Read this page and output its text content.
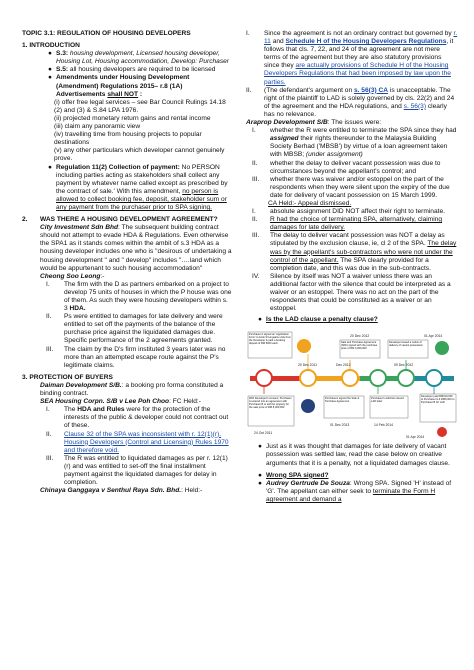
TOPIC 3.1: REGULATION OF HOUSING DEVELOPERS

1. INTRODUCTION

● S.3: housing development, Licensed housing developer, Housing Lot, Housing accommodation, Develop: Purchaser
● S.5: all housing developers are required to be licensed
● Amendments under Housing Development (Amendment) Regulations 2015– r.8 (1A) Advertisements shall NOT :

(i) offer free legal services – see Bar Council Rulings 14.18 (2) and (3) & S.84 LPA 1976.

(ii) projected monetary return gains and rental income

(iii) claim any panoramic view

(iv) travelling time from housing projects to popular destinations

(v) any other particulars which developer cannot genuinely prove.

● Regulation 11(2) Collection of payment: No PERSON including parties acting as stakeholders shall collect any payment by whatever name called except as prescribed by the contract of sale.' With this amendment, no person is allowed to collect booking fee, deposit, stakeholder sum or any payment from the purchaser prior to SPA signing.
2.	WAS THERE A HOUSING DEVELOPMENT AGREEMENT?

City Investment Sdn Bhd: The subsequent building contract should not attempt to evade HDA & Regulations. Even otherwise the SPA1 as it stands comes within the ambit of s.3 HDA as a housing developer includes one who is "desirous of undertaking a housing development " and " develop" includes "….land which would be appurtenant to such housing accommodation"

Cheong Soo Leong:-

I.	The firm with the D as partners embarked on a project to develop 75 units of houses in which the P house was one of them. As such they were housing developers within s. 3 HDA.
II.	Ps were entitled to damages for late delivery and were entitled to set off the payments of the balance of the purchase price against the liquidated damages due. Specific performance of the 2 agreements granted.
III.	The claim by the D's firm instituted 3 years later was no more than an attempted escape route against the P's legitimate claims.

3. PROTECTION OF BUYERS

Daiman Development S/B.: a booking pro forma constituted a binding contract.

SEA Housing Corpn. S/B v Lee Poh Choo: FC Held:-

I.	The HDA and Rules were for the protection of the interests of the public & developer could not contract out of these.
II.	Clause 32 of the SPA was inconsistent with r. 12(1)(r). Housing Developers (Control and Licensing) Rules 1970 and therefore void.
III.	The R was entitled to liquidated damages as per r. 12(1)(r) and was entitled to set-off the final installment payment against the liquidated damages for delay in completion.

Chinaya Ganggaya v Senthul Raya Sdn. Bhd.: Held:-

I.	Since the agreement is not an ordinary contract but governed by r. 11 and Schedule H of the Housing Developers Regulations, it follows that cls. 7, 22, and 24 of the agreement are not mere terms of the agreement but they are also statutory provisions since they are actually provisions of Schedule H of the Housing Developers Regulations that had been imposed by law upon the parties.
II.	(The defendant's argument on s. 56(3) CA is unacceptable. The right of the plaintiff to LAD is solely governed by cls. 22(2) and 24 of the agreement and the HDA regulations, and s. 56(3) clearly has no relevance.

Araprop Development S/B: The issues were:

I.	whether the R were entitled to terminate the SPA since they had assigned their rights thereunder to the Malaysia Building Society Berhad ('MBSB') by virtue of a loan agreement taken with MBSB; (under assignment)
II.	whether the delay to deliver vacant possession was due to circumstances beyond the appellant's control; and
III.	whether there was waiver and/or estoppel on the part of the respondents when they were silent upon the expiry of the due date for delivery of vacant possession on 15 March 1999.

CA Held:- Appeal dismissed.

I.	absolute assignment DID NOT affect their right to terminate.
II.	R had the choice of terminating SPA, alternatively, claiming damages for late delivery.
III.	The delay to deliver vacant possession was NOT a delay as stipulated by the exclusion clause, ie, cl 2 of the SPA. The delay was by the appellant's sub-contractors who were not under the control of the appellant. The SPA clearly provided for a completion date, and this was due in the sub-contracts.
IV.	Silence by itself was NOT a waiver unless there was an additional factor with the silence that could be interpreted as a waiver or an estoppel. There was no act on the part of the respondents that could be constituted as a waiver or an estoppel.
● Is the LAD clause a penalty clause?
20 Dec 2011
20 Dec 2012	01 Apr 2014
Dec 2013	09 Dec 2012
24 Oct 2011
01 Dec 2013	14 Feb 2014
01 Apr 2014
Purchaser A signed an 'Application Form' to book 9 bungalow units from the Developer & paid a booking deposit of RM 5000 each.	Sale and Purchase Agreement (SPA) signed with the purchase price of RM 4,000,000
Developer issued a notice of delivery of vacant possession
With Developer's consent, Purchaser A entered into an agreement with Purchaser B to sell the property for the sale price of RM 8,400,000
Purchasers signed the Sale & Purchase Agreement
Purchaser's solicitors issued LAD letter
Developer paid RM619,000 to Purchaser A & RM6,000 to Purchaser B for LAD
● Just as it was thought that damages for late delivery of vacant possession was settled law, read the case below on creative arguments that it is a penalty, not a liquidated damages clause.
● Wrong SPA signed?
● Audrey Gertrude De Souza: Wrong SPA. Signed 'H' instead of 'G'. The appellant can either seek to terminate the Form H agreement and demand a
